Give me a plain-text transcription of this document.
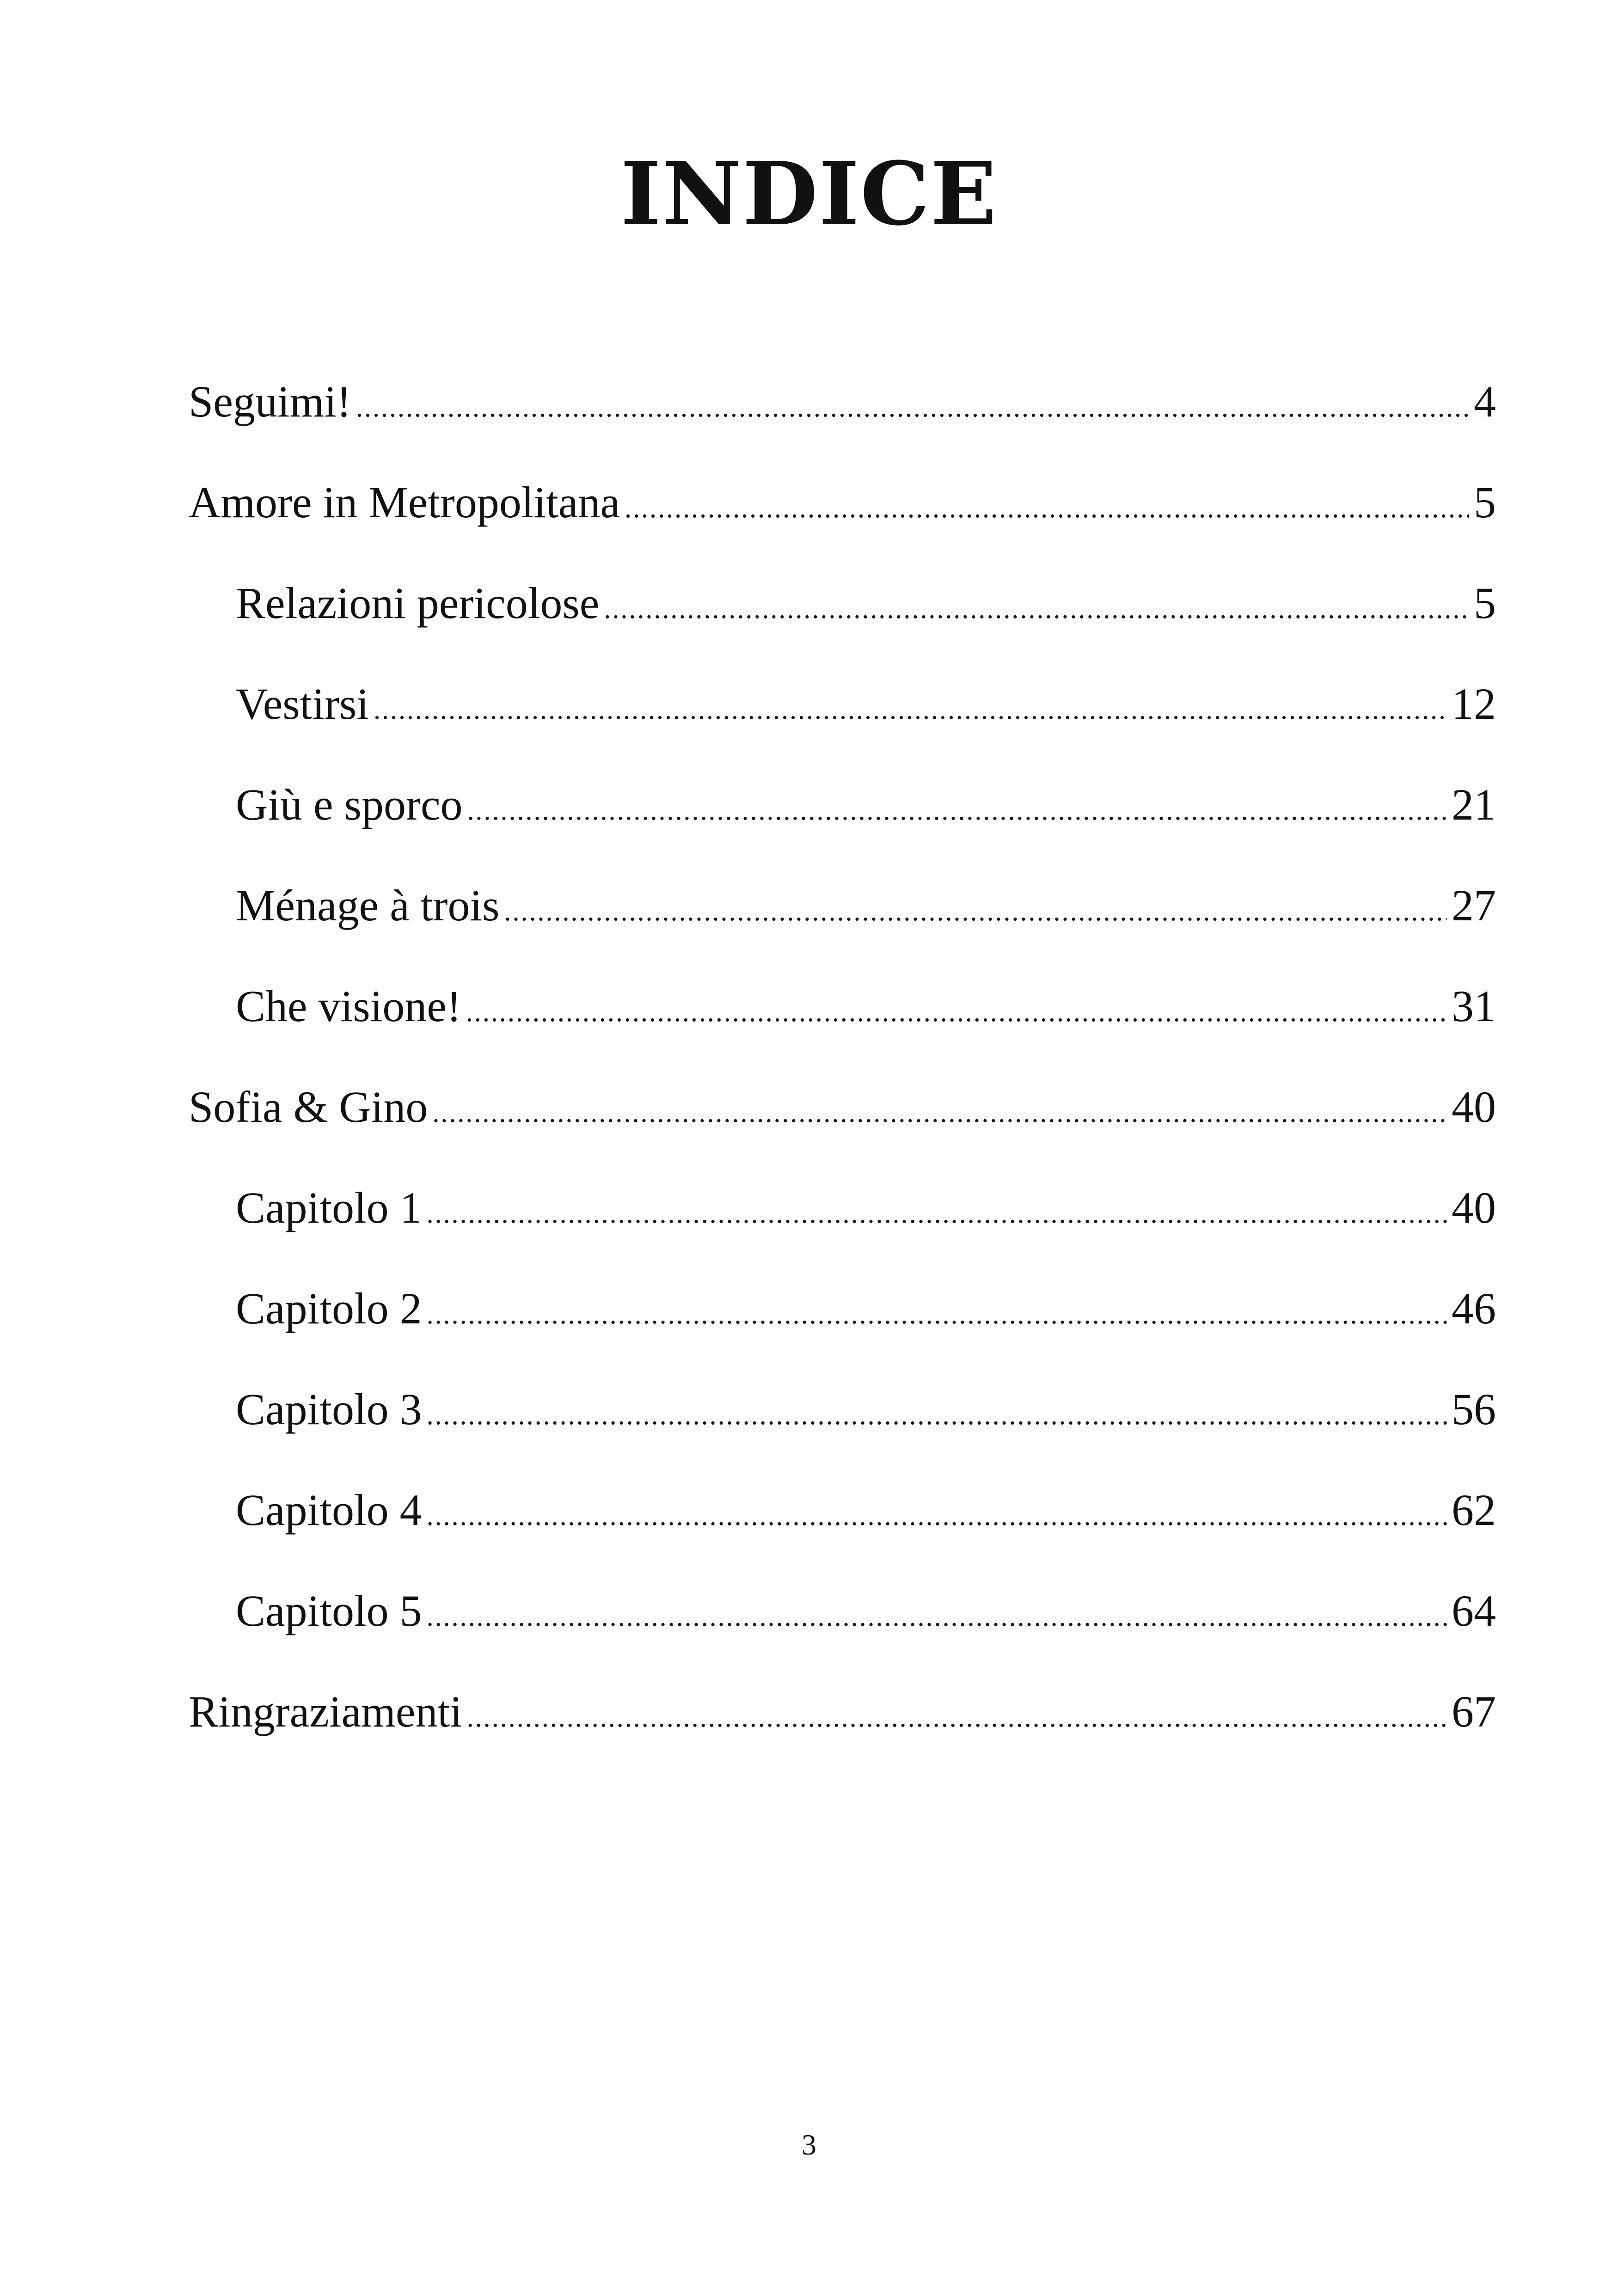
INDICE
Seguimi! .....	4
Amore in Metropolitana .....	5
Relazioni pericolose .....	5
Vestirsi .....	12
Giù e sporco .....	21
Ménage à trois .....	27
Che visione! .....	31
Sofia & Gino .....	40
Capitolo 1 .....	40
Capitolo 2 .....	46
Capitolo 3 .....	56
Capitolo 4 .....	62
Capitolo 5 .....	64
Ringraziamenti .....	67
3
